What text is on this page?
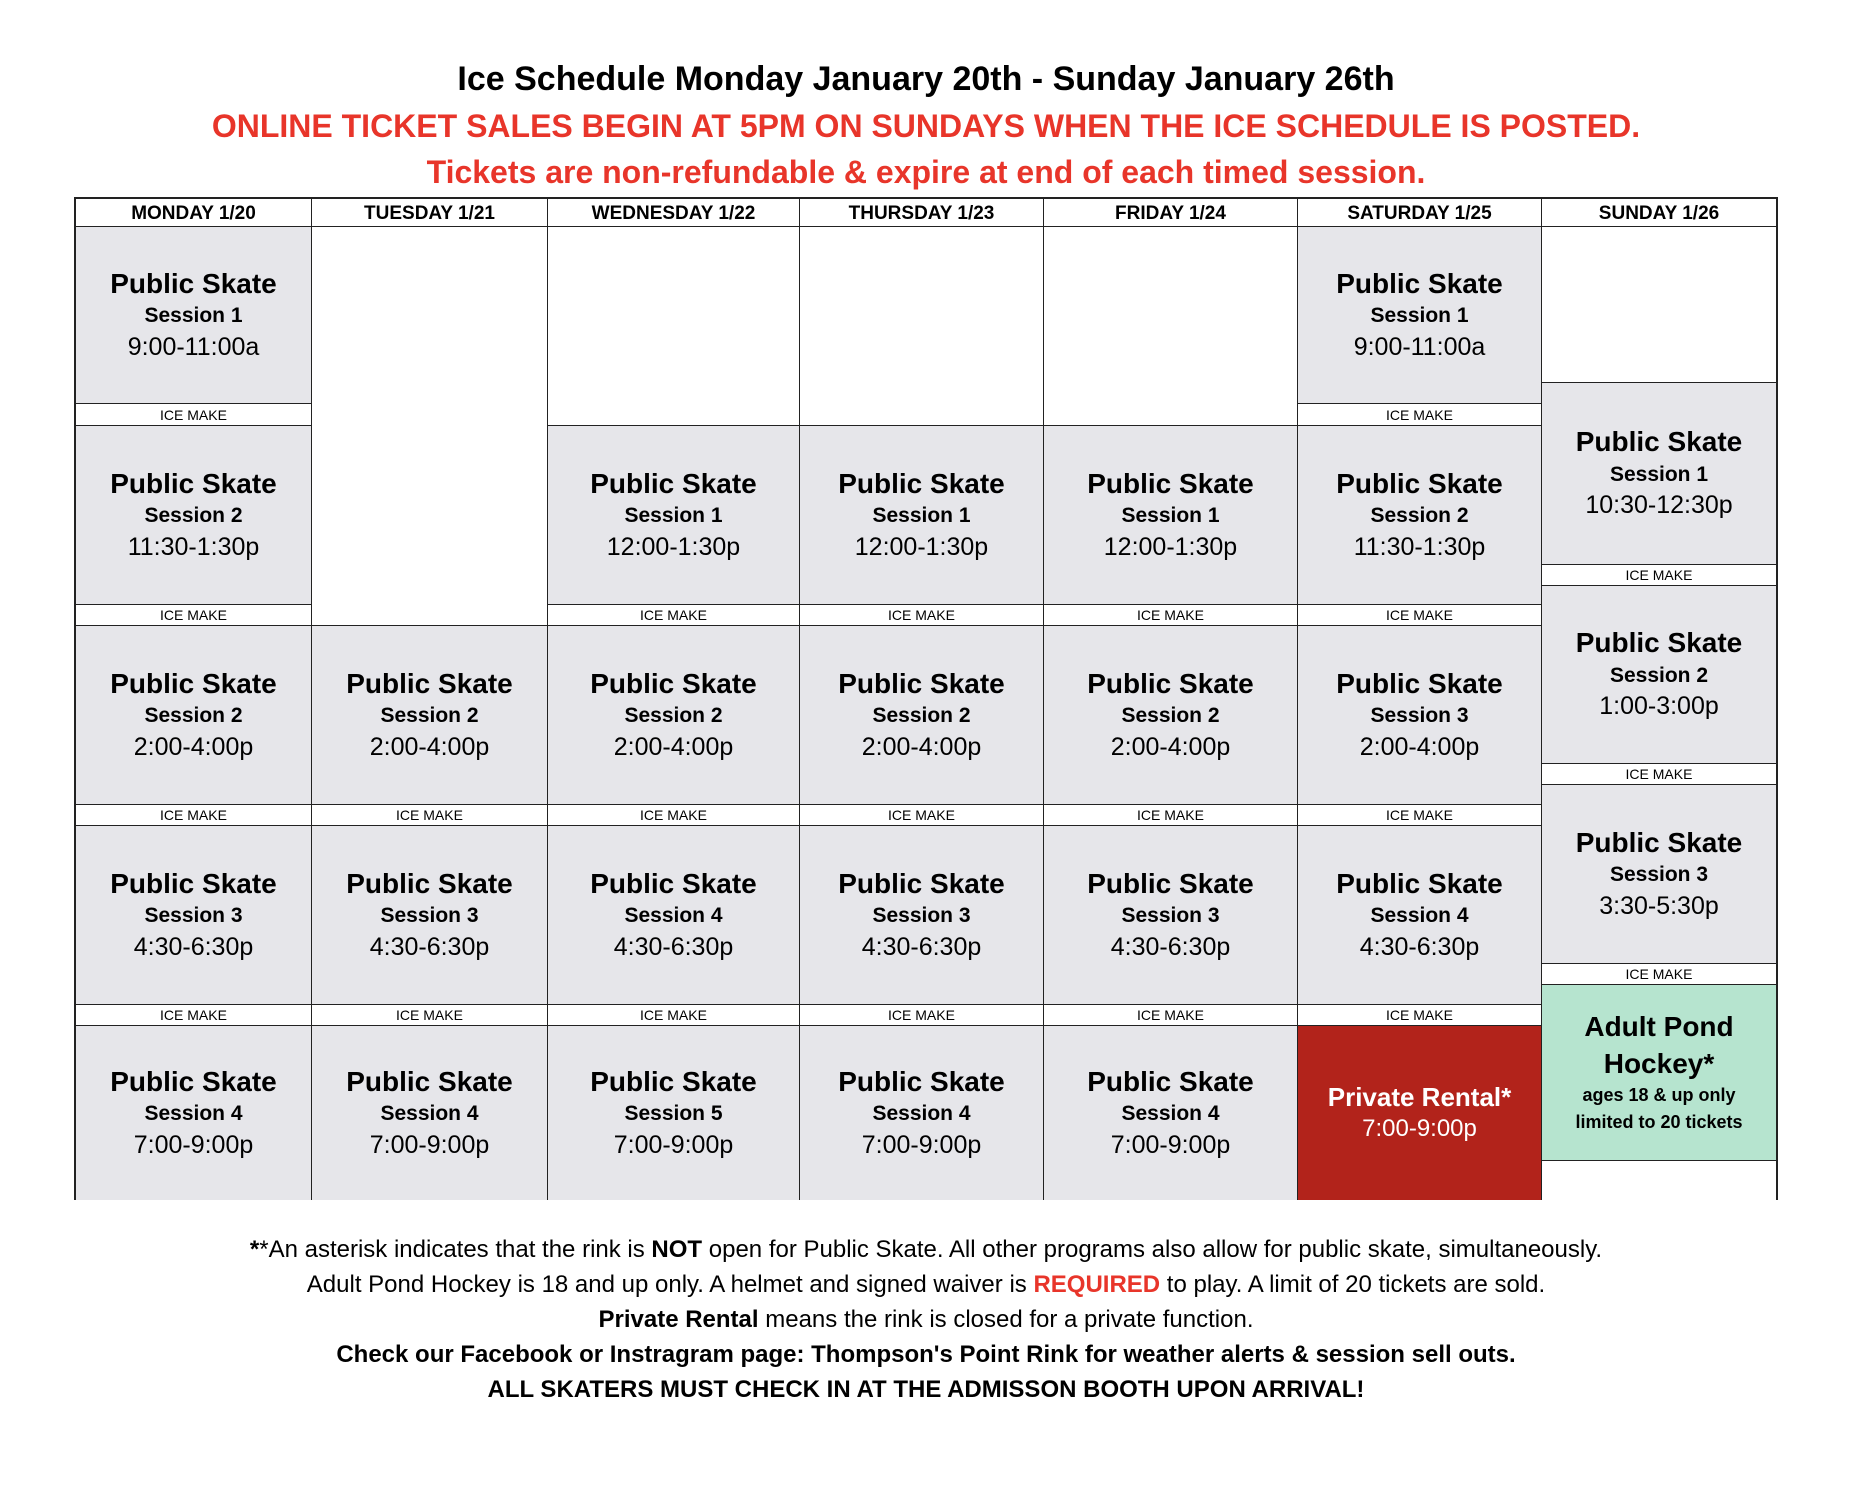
Ice Schedule Monday January 20th - Sunday January 26th
ONLINE TICKET SALES BEGIN AT 5PM ON SUNDAYS WHEN THE ICE SCHEDULE IS POSTED.
Tickets are non-refundable & expire at end of each timed session.
MONDAY 1/20
Public Skate
Session 1
9:00-11:00a
ICE MAKE
Public Skate
Session 2
11:30-1:30p
ICE MAKE
Public Skate
Session 2
2:00-4:00p
ICE MAKE
Public Skate
Session 3
4:30-6:30p
ICE MAKE
Public Skate
Session 4
7:00-9:00p
TUESDAY 1/21
Public Skate
Session 2
2:00-4:00p
ICE MAKE
Public Skate
Session 3
4:30-6:30p
ICE MAKE
Public Skate
Session 4
7:00-9:00p
WEDNESDAY 1/22
Public Skate
Session 1
12:00-1:30p
ICE MAKE
Public Skate
Session 2
2:00-4:00p
ICE MAKE
Public Skate
Session 4
4:30-6:30p
ICE MAKE
Public Skate
Session 5
7:00-9:00p
THURSDAY 1/23
Public Skate
Session 1
12:00-1:30p
ICE MAKE
Public Skate
Session 2
2:00-4:00p
ICE MAKE
Public Skate
Session 3
4:30-6:30p
ICE MAKE
Public Skate
Session 4
7:00-9:00p
FRIDAY 1/24
Public Skate
Session 1
12:00-1:30p
ICE MAKE
Public Skate
Session 2
2:00-4:00p
ICE MAKE
Public Skate
Session 3
4:30-6:30p
ICE MAKE
Public Skate
Session 4
7:00-9:00p
SATURDAY 1/25
Public Skate
Session 1
9:00-11:00a
ICE MAKE
Public Skate
Session 2
11:30-1:30p
ICE MAKE
Public Skate
Session 3
2:00-4:00p
ICE MAKE
Public Skate
Session 4
4:30-6:30p
ICE MAKE
Private Rental*
7:00-9:00p
SUNDAY 1/26
Public Skate
Session 1
10:30-12:30p
ICE MAKE
Public Skate
Session 2
1:00-3:00p
ICE MAKE
Public Skate
Session 3
3:30-5:30p
ICE MAKE
Adult Pond Hockey*
ages 18 & up only
limited to 20 tickets
**An asterisk indicates that the rink is NOT open for Public Skate. All other programs also allow for public skate, simultaneously.
Adult Pond Hockey is 18 and up only. A helmet and signed waiver is REQUIRED to play. A limit of 20 tickets are sold.
Private Rental means the rink is closed for a private function.
Check our Facebook or Instragram page: Thompson's Point Rink for weather alerts & session sell outs.
ALL SKATERS MUST CHECK IN AT THE ADMISSON BOOTH UPON ARRIVAL!
